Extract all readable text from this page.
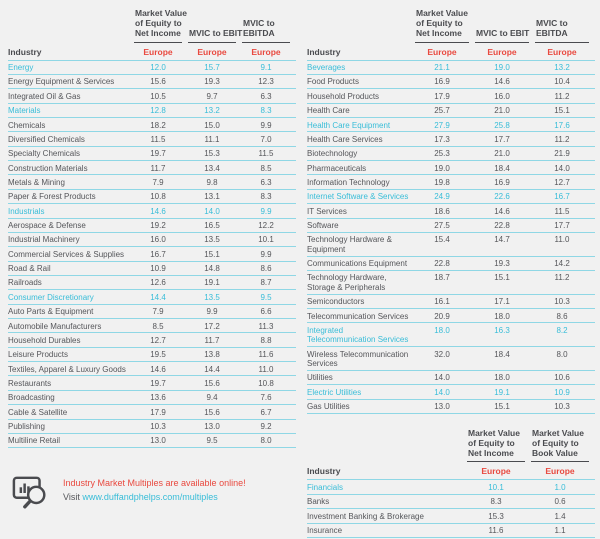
Market Value
of Equity to
Net Income MVIC to EBIT
MVIC to
EBITDA
Industry	Europe	Europe	Europe
Energy	12.0	15.7	9.1
Energy Equipment & Services	15.6	19.3	12.3
Integrated Oil & Gas	10.5	9.7	6.3
Materials	12.8	13.2	8.3
Chemicals	18.2	15.0	9.9
Diversified Chemicals	11.5	11.1	7.0
Specialty Chemicals	19.7	15.3	11.5
Construction Materials	11.7	13.4	8.5
Metals & Mining	7.9	9.8	6.3
Paper & Forest Products	10.8	13.1	8.3
Industrials	14.6	14.0	9.9
Aerospace & Defense	19.2	16.5	12.2
Industrial Machinery	16.0	13.5	10.1
Commercial Services & Supplies	16.7	15.1	9.9
Road & Rail	10.9	14.8	8.6
Railroads	12.6	19.1	8.7
Consumer Discretionary	14.4	13.5	9.5
Auto Parts & Equipment	7.9	9.9	6.6
Automobile Manufacturers	8.5	17.2	11.3
Household Durables	12.7	11.7	8.8
Leisure Products	19.5	13.8	11.6
Textiles, Apparel & Luxury Goods	14.6	14.4	11.0
Restaurants	19.7	15.6	10.8
Broadcasting	13.6	9.4	7.6
Cable & Satellite	17.9	15.6	6.7
Publishing	10.3	13.0	9.2
Multiline Retail	13.0	9.5	8.0
Industry Market Multiples are available online!
Visit www.duffandphelps.com/multiples
Market Value
of Equity to
Net Income	MVIC to EBIT
MVIC to
EBITDA
Industry	Europe	Europe	Europe
Beverages	21.1	19.0	13.2
Food Products	16.9	14.6	10.4
Household Products	17.9	16.0	11.2
Health Care	25.7	21.0	15.1
Health Care Equipment	27.9	25.8	17.6
Health Care Services	17.3	17.7	11.2
Biotechnology	25.3	21.0	21.9
Pharmaceuticals	19.0	18.4	14.0
Information Technology	19.8	16.9	12.7
Internet Software & Services	24.9	22.6	16.7
IT Services	18.6	14.6	11.5
Software	27.5	22.8	17.7
Technology Hardware & Equipment
15.4	14.7	11.0
Communications Equipment	22.8	19.3	14.2
Technology Hardware, Storage & Peripherals
18.7	15.1	11.2
Semiconductors	16.1	17.1	10.3
Telecommunication Services	20.9	18.0	8.6
Integrated Telecommunication Services
18.0	16.3	8.2
Wireless Telecommunication Services
32.0	18.4	8.0
Utilities	14.0	18.0	10.6
Electric Utilities	14.0	19.1	10.9
Gas Utilities	13.0	15.1	10.3
Market Value
of Equity to
Net Income
Market Value
of Equity to
Book Value
Industry	Europe	Europe
Financials	10.1	1.0
Banks	8.3	0.6
Investment Banking & Brokerage	15.3	1.4
Insurance	11.6	1.1
